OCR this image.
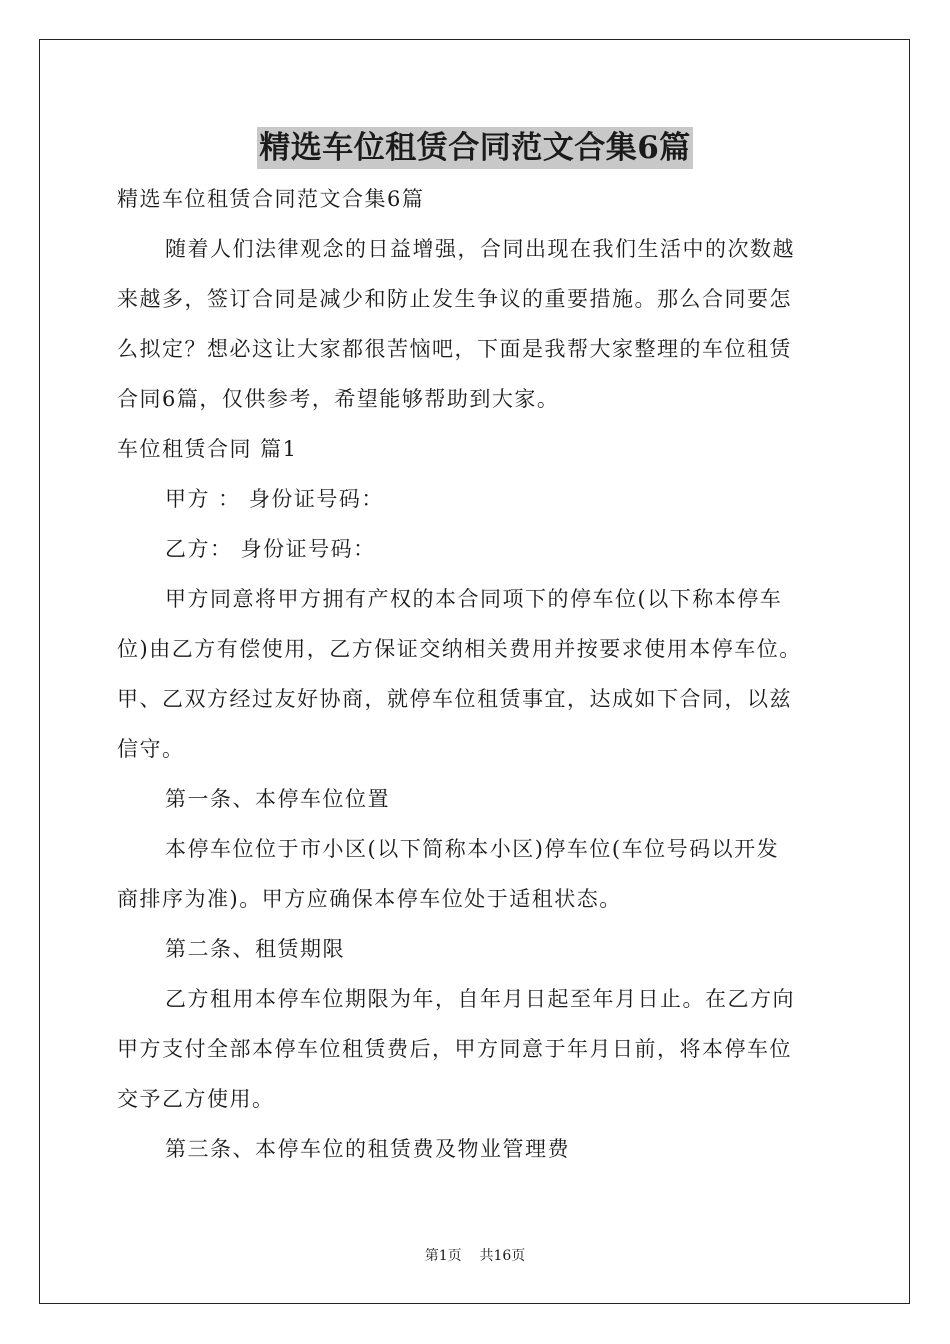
精选车位租赁合同范文合集6篇
精选车位租赁合同范文合集6篇
随着人们法律观念的日益增强，合同出现在我们生活中的次数越
来越多，签订合同是减少和防止发生争议的重要措施。那么合同要怎
么拟定？想必这让大家都很苦恼吧，下面是我帮大家整理的车位租赁
合同6篇，仅供参考，希望能够帮助到大家。
车位租赁合同 篇1
甲方 ： 身份证号码：
乙方： 身份证号码：
甲方同意将甲方拥有产权的本合同项下的停车位(以下称本停车
位)由乙方有偿使用，乙方保证交纳相关费用并按要求使用本停车位。
甲、乙双方经过友好协商，就停车位租赁事宜，达成如下合同，以兹
信守。
第一条、本停车位位置
本停车位位于市小区(以下简称本小区)停车位(车位号码以开发
商排序为准)。甲方应确保本停车位处于适租状态。
第二条、租赁期限
乙方租用本停车位期限为年，自年月日起至年月日止。在乙方向
甲方支付全部本停车位租赁费后，甲方同意于年月日前，将本停车位
交予乙方使用。
第三条、本停车位的租赁费及物业管理费
第1页    共16页
